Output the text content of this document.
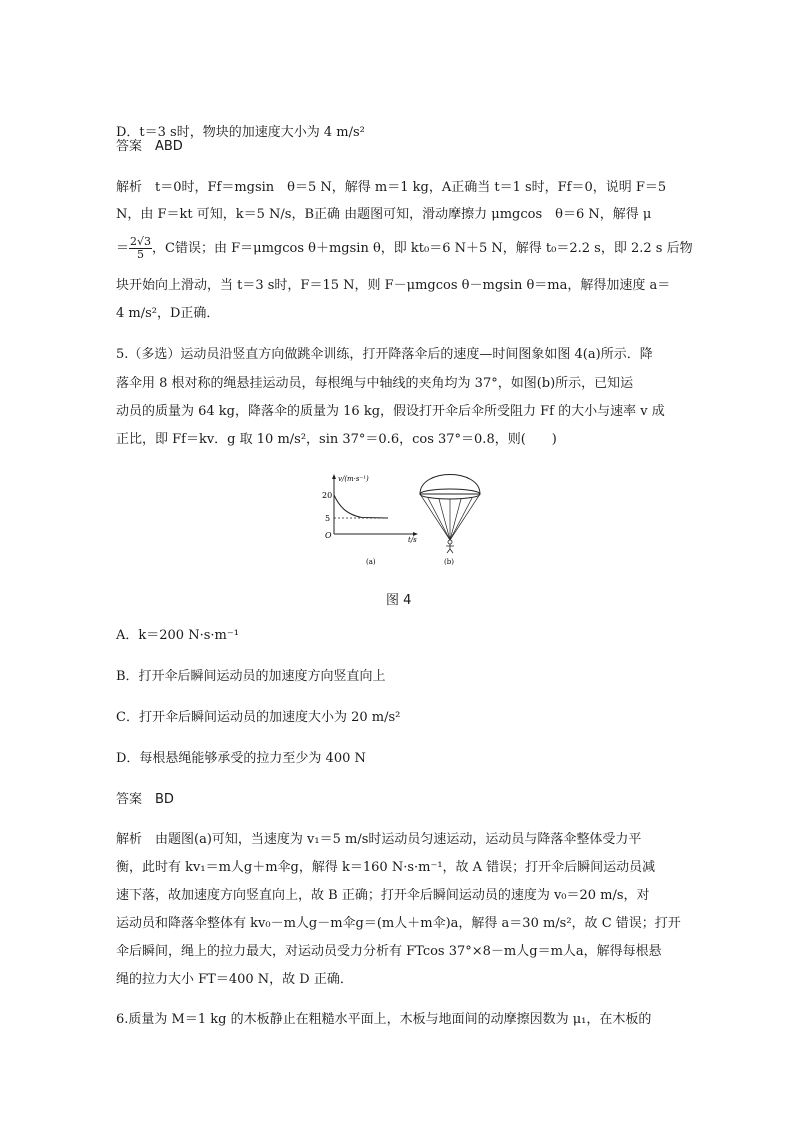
D．t＝3 s时，物块的加速度大小为 4 m/s²
答案　ABD
解析　t＝0时，Ff＝mgsin　θ＝5 N，解得 m＝1 kg，A正确当 t＝1 s时，Ff＝0，说明 F＝5
N，由 F＝kt 可知，k＝5 N/s，B正确 由题图可知，滑动摩擦力 μmgcos　θ＝6 N，解得 μ
＝ $\frac{2√3}{5}$ ，C错误；由 F＝μmgcos θ＋mgsin θ，即 kt₀＝6 N＋5 N，解得 t₀＝2.2 s，即 2.2 s 后物
块开始向上滑动，当 t＝3 s时，F＝15 N，则 F－μmgcos θ－mgsin θ＝ma，解得加速度 a＝
4 m/s²，D正确．
5.（多选）运动员沿竖直方向做跳伞训练，打开降落伞后的速度—时间图象如图 4(a)所示．降
落伞用 8 根对称的绳悬挂运动员，每根绳与中轴线的夹角均为 37°，如图(b)所示，已知运
动员的质量为 64 kg，降落伞的质量为 16 kg，假设打开伞后伞所受阻力 Ff 的大小与速率 v 成
正比，即 Ff＝kv．g 取 10 m/s²，sin 37°＝0.6，cos 37°＝0.8，则(　　)
A．k＝200 N·s·m⁻¹
B．打开伞后瞬间运动员的加速度方向竖直向上
C．打开伞后瞬间运动员的加速度大小为 20 m/s²
D．每根悬绳能够承受的拉力至少为 400 N
答案　BD
解析　由题图(a)可知，当速度为 v₁＝5 m/s时运动员匀速运动，运动员与降落伞整体受力平
衡，此时有 kv₁＝m人g＋m伞g，解得 k＝160 N·s·m⁻¹，故 A 错误；打开伞后瞬间运动员减
速下落，故加速度方向竖直向上，故 B 正确；打开伞后瞬间运动员的速度为 v₀＝20 m/s，对
运动员和降落伞整体有 kv₀－m人g－m伞g＝(m人＋m伞)a，解得 a＝30 m/s²，故 C 错误；打开
伞后瞬间，绳上的拉力最大，对运动员受力分析有 FTcos 37°×8－m人g＝m人a，解得每根悬
绳的拉力大小 FT＝400 N，故 D 正确．
6.质量为 M＝1 kg 的木板静止在粗糙水平面上，木板与地面间的动摩擦因数为 μ₁，在木板的
v/(m·s⁻¹)
20
5
O	t/s
(a)	(b)
图 4
